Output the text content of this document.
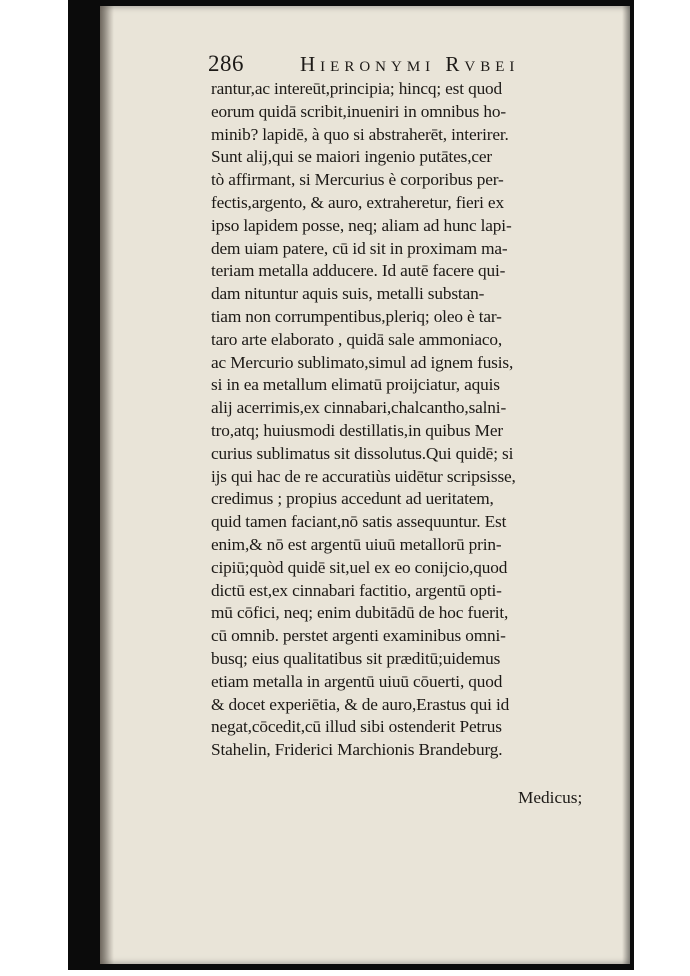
286	Hieronymi Rvbei
rantur,ac intereūt,principia; hincq; est quod
eorum quidā scribit,inueniri in omnibus ho-
minib? lapidē, à quo si abstraherēt, interirer.
Sunt alij,qui se maiori ingenio putātes,cer
tò affirmant, si Mercurius è corporibus per-
fectis,argento, & auro, extraheretur, fieri ex
ipso lapidem posse, neq; aliam ad hunc lapi-
dem uiam patere, cū id sit in proximam ma-
teriam metalla adducere. Id autē facere qui-
dam nituntur aquis suis, metalli substan-
tiam non corrumpentibus,pleriq; oleo è tar-
taro arte elaborato , quidā sale ammoniaco,
ac Mercurio sublimato,simul ad ignem fusis,
si in ea metallum elimatū proijciatur, aquis
alij acerrimis,ex cinnabari,chalcantho,salni-
tro,atq; huiusmodi destillatis,in quibus Mer
curius sublimatus sit dissolutus.Qui quidē; si
ijs qui hac de re accuratiùs uidētur scripsisse,
credimus ; propius accedunt ad ueritatem,
quid tamen faciant,nō satis assequuntur. Est
enim,& nō est argentū uiuū metallorū prin-
cipiū;quòd quidē sit,uel ex eo conijcio,quod
dictū est,ex cinnabari factitio, argentū opti-
mū cōfici, neq; enim dubitādū de hoc fuerit,
cū omnib. perstet argenti examinibus omni-
busq; eius qualitatibus sit præditū;uidemus
etiam metalla in argentū uiuū cōuerti, quod
& docet experiētia, & de auro,Erastus qui id
negat,cōcedit,cū illud sibi ostenderit Petrus
Stahelin, Friderici Marchionis Brandeburg.
Medicus;
